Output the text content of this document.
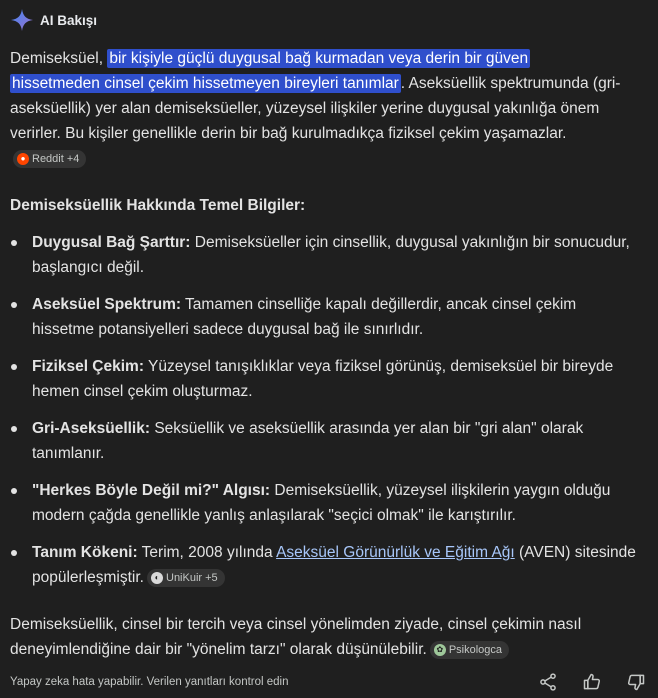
AI Bakışı

Demiseksüel, bir kişiyle güçlü duygusal bağ kurmadan veya derin bir güven
hissetmeden cinsel çekim hissetmeyen bireyleri tanımlar . Aseksüellik spektrumunda (gri-aseksüellik) yer alan demiseksüeller, yüzeysel ilişkiler yerine duygusal yakınlığa önem verirler. Bu kişiler genellikle derin bir bağ kurulmadıkça fiziksel çekim yaşamazlar.
● Reddit +4

Demiseksüellik Hakkında Temel Bilgiler:
Duygusal Bağ Şarttır: Demiseksüeller için cinsellik, duygusal yakınlığın bir sonucudur, başlangıcı değil.
Aseksüel Spektrum: Tamamen cinselliğe kapalı değillerdir, ancak cinsel çekim hissetme potansiyelleri sadece duygusal bağ ile sınırlıdır.
Fiziksel Çekim: Yüzeysel tanışıklıklar veya fiziksel görünüş, demiseksüel bir bireyde hemen cinsel çekim oluşturmaz.
Gri-Aseksüellik: Seksüellik ve aseksüellik arasında yer alan bir "gri alan" olarak tanımlanır.
"Herkes Böyle Değil mi?" Algısı: Demiseksüellik, yüzeysel ilişkilerin yaygın olduğu modern çağda genellikle yanlış anlaşılarak "seçici olmak" ile karıştırılır.
Tanım Kökeni: Terim, 2008 yılında Aseksüel Görünürlük ve Eğitim Ağı (AVEN) sitesinde popülerleşmiştir.	◐ UniKuir +5

Demiseksüellik, cinsel bir tercih veya cinsel yönelimden ziyade, cinsel çekimin nasıl deneyimlendiğine dair bir "yönelim tarzı" olarak düşünülebilir.	✿ Psikologca

Yapay zeka hata yapabilir. Verilen yanıtları kontrol edin
